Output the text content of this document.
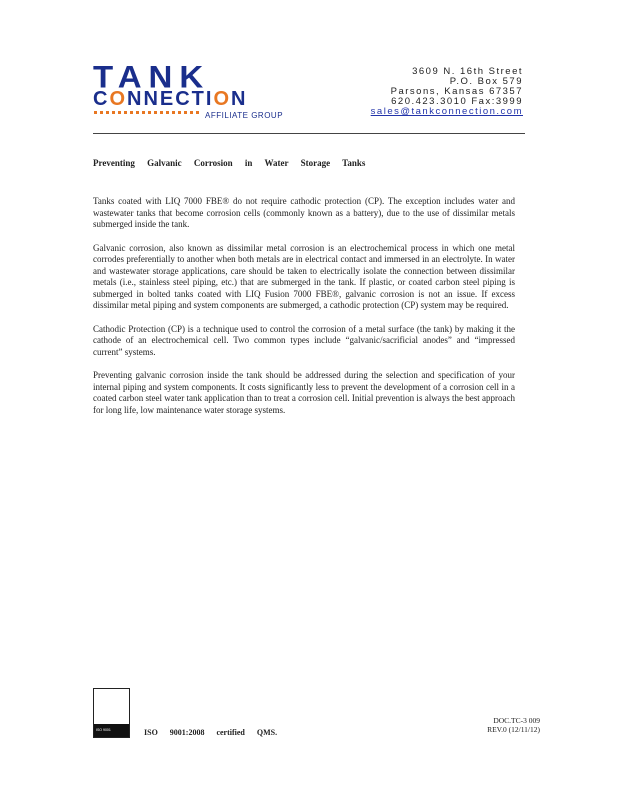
TANK
CONNECTION
AFFILIATE GROUP
3609 N. 16th Street
P.O. Box 579
Parsons, Kansas 67357
620.423.3010 Fax:3999
sales@tankconnection.com
Preventing Galvanic Corrosion in Water Storage Tanks

Tanks coated with LIQ 7000 FBE® do not require cathodic protection (CP). The exception includes water and wastewater tanks that become corrosion cells (commonly known as a battery), due to the use of dissimilar metals submerged inside the tank.

Galvanic corrosion, also known as dissimilar metal corrosion is an electrochemical process in which one metal corrodes preferentially to another when both metals are in electrical contact and immersed in an electrolyte. In water and wastewater storage applications, care should be taken to electrically isolate the connection between dissimilar metals (i.e., stainless steel piping, etc.) that are submerged in the tank. If plastic, or coated carbon steel piping is submerged in bolted tanks coated with LIQ Fusion 7000 FBE®, galvanic corrosion is not an issue. If excess dissimilar metal piping and system components are submerged, a cathodic protection (CP) system may be required.

Cathodic Protection (CP) is a technique used to control the corrosion of a metal surface (the tank) by making it the cathode of an electrochemical cell. Two common types include “galvanic/sacrificial anodes” and “impressed current” systems.

Preventing galvanic corrosion inside the tank should be addressed during the selection and specification of your internal piping and system components. It costs significantly less to prevent the development of a corrosion cell in a coated carbon steel water tank application than to treat a corrosion cell. Initial prevention is always the best approach for long life, low maintenance water storage systems.

ISO 9001	ISO 9001:2008 certified QMS.
DOC.TC-3 009
REV.0 (12/11/12)
